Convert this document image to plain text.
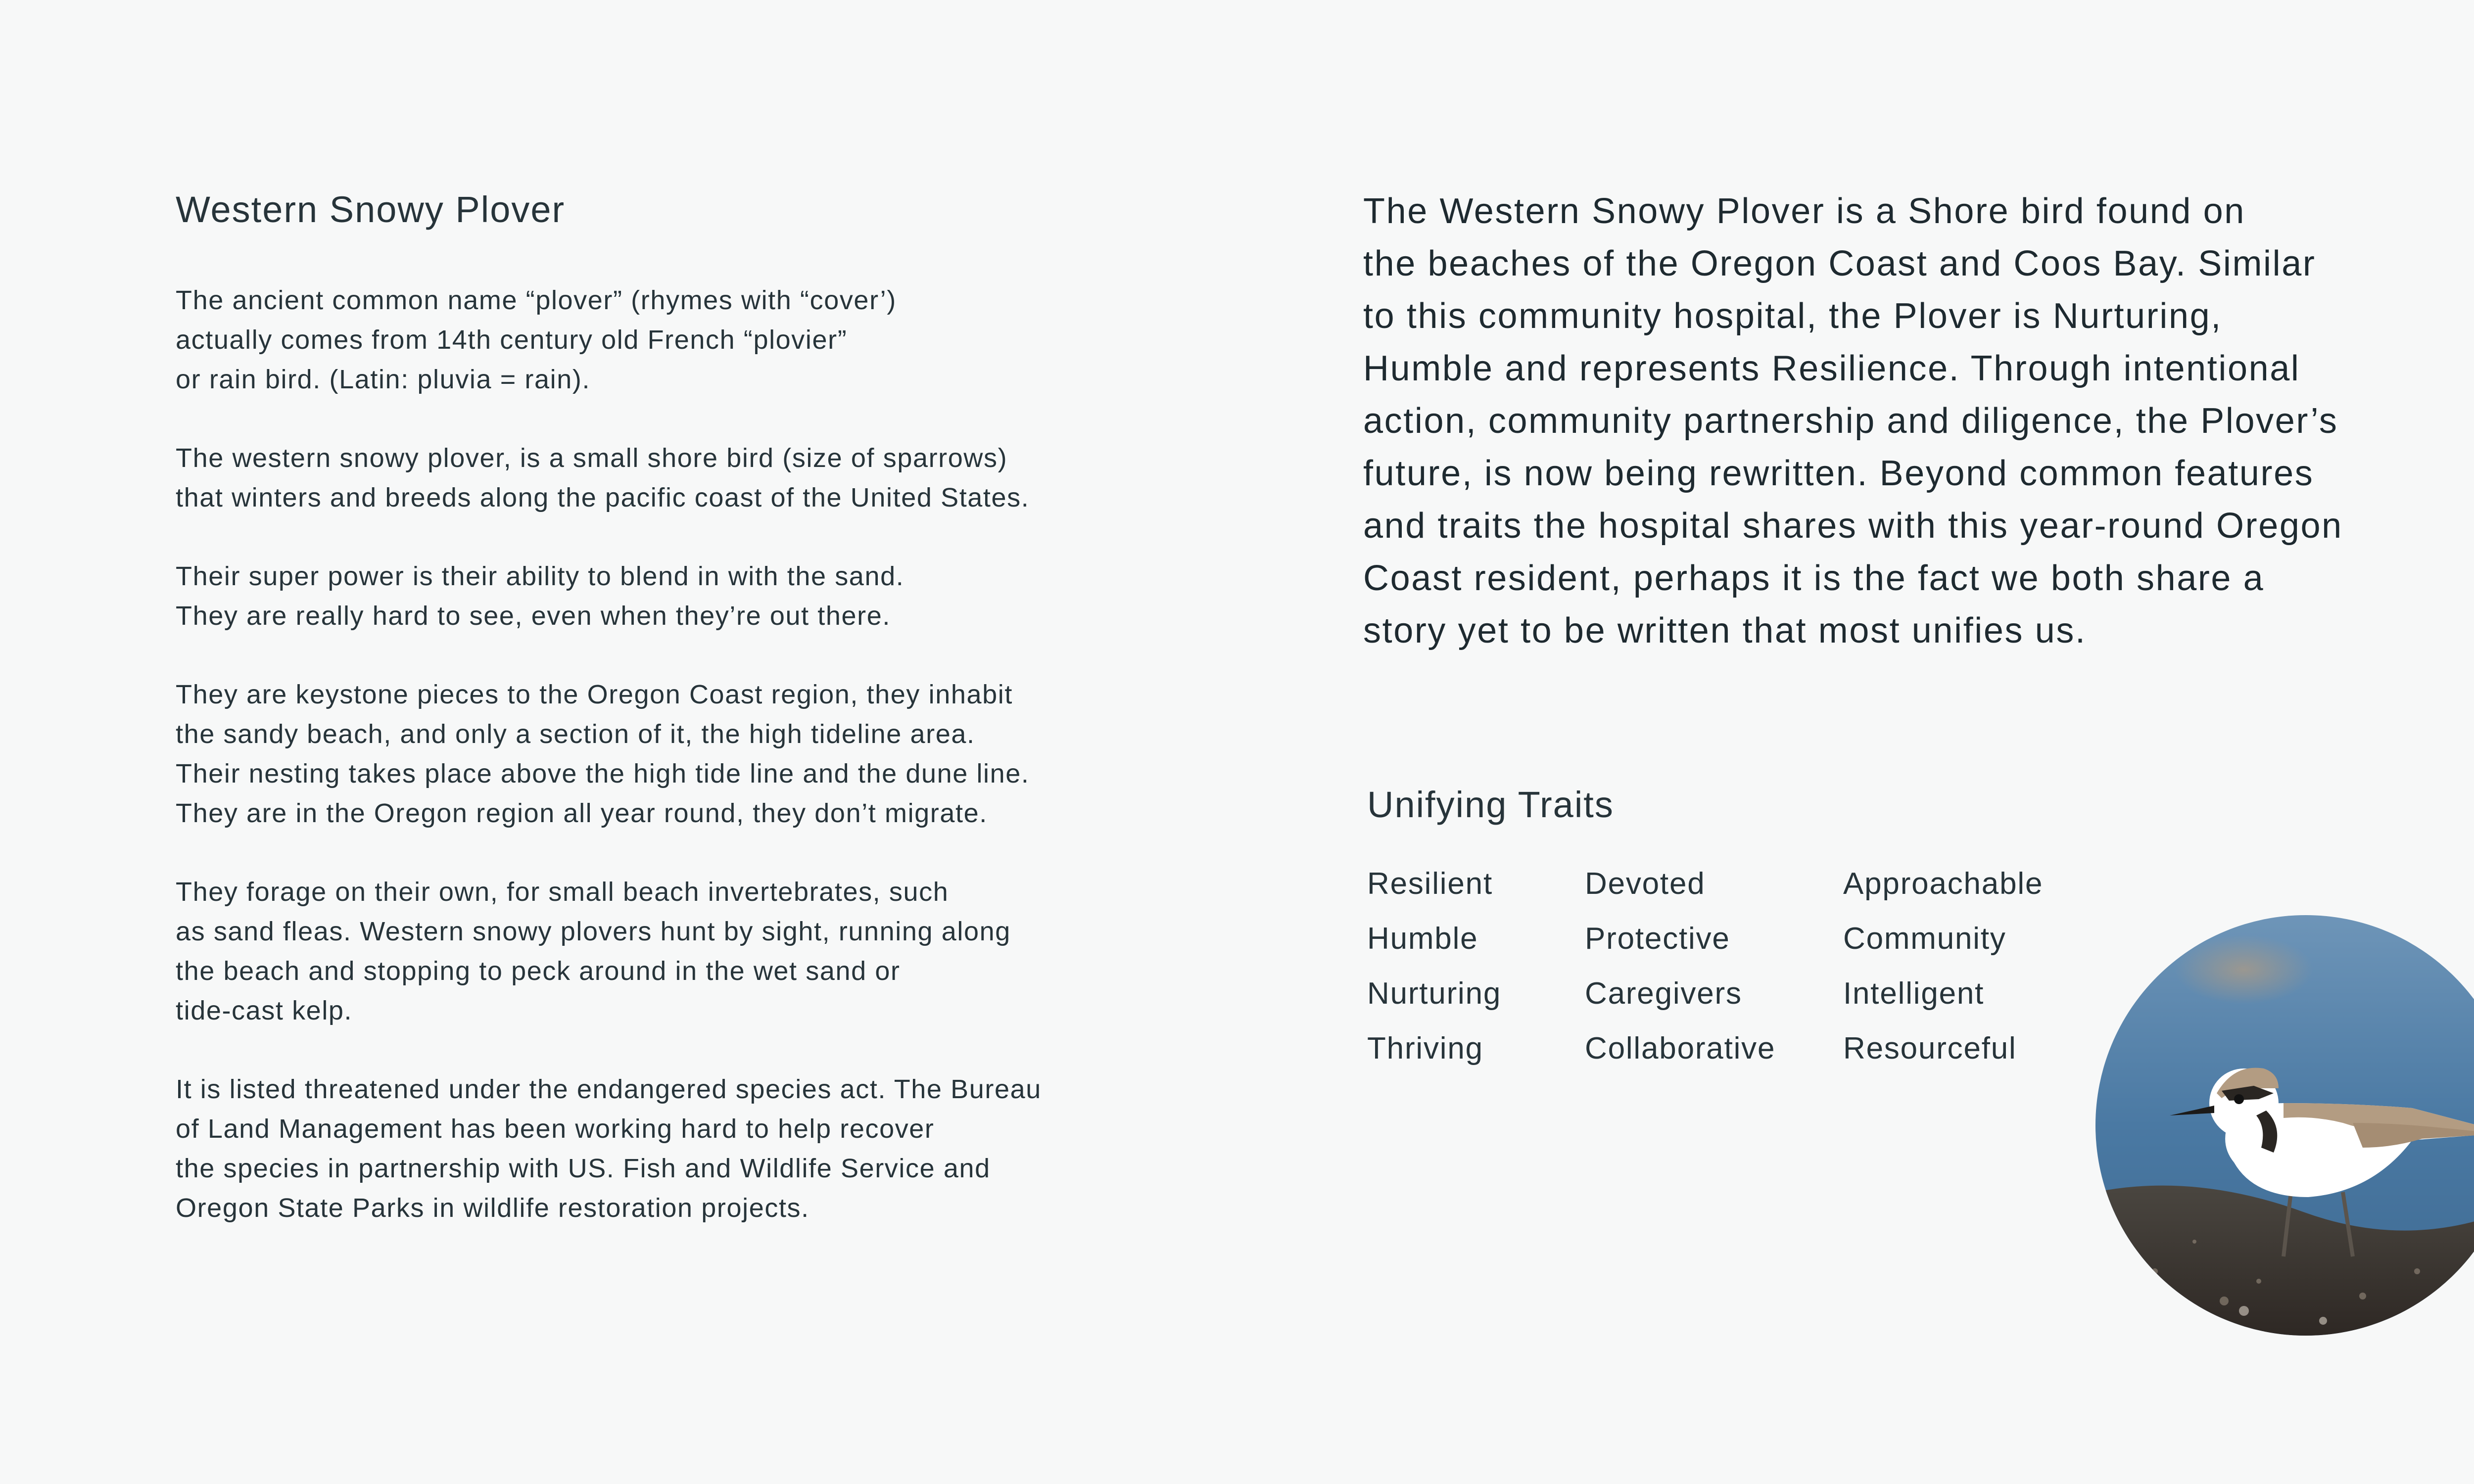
Western Snowy Plover

The ancient common name “plover” (rhymes with “cover’)
actually comes from 14th century old French “plovier”
or rain bird. (Latin: pluvia = rain).

The western snowy plover, is a small shore bird (size of sparrows)
that winters and breeds along the pacific coast of the United States.

Their super power is their ability to blend in with the sand.
They are really hard to see, even when they’re out there.

They are keystone pieces to the Oregon Coast region, they inhabit
the sandy beach, and only a section of it, the high tideline area.
Their nesting takes place above the high tide line and the dune line.
They are in the Oregon region all year round, they don’t migrate.

They forage on their own, for small beach invertebrates, such
as sand fleas. Western snowy plovers hunt by sight, running along
the beach and stopping to peck around in the wet sand or
tide-cast kelp.

It is listed threatened under the endangered species act. The Bureau
of Land Management has been working hard to help recover
the species in partnership with US. Fish and Wildlife Service and
Oregon State Parks in wildlife restoration projects.

The Western Snowy Plover is a Shore bird found on
the beaches of the Oregon Coast and Coos Bay. Similar
to this community hospital, the Plover is Nurturing,
Humble and represents Resilience. Through intentional
action, community partnership and diligence, the Plover’s
future, is now being rewritten. Beyond common features
and traits the hospital shares with this year-round Oregon
Coast resident, perhaps it is the fact we both share a
story yet to be written that most unifies us.

Unifying Traits
Resilient	Devoted	Approachable
Humble	Protective	Community
Nurturing	Caregivers	Intelligent
Thriving	Collaborative	Resourceful
